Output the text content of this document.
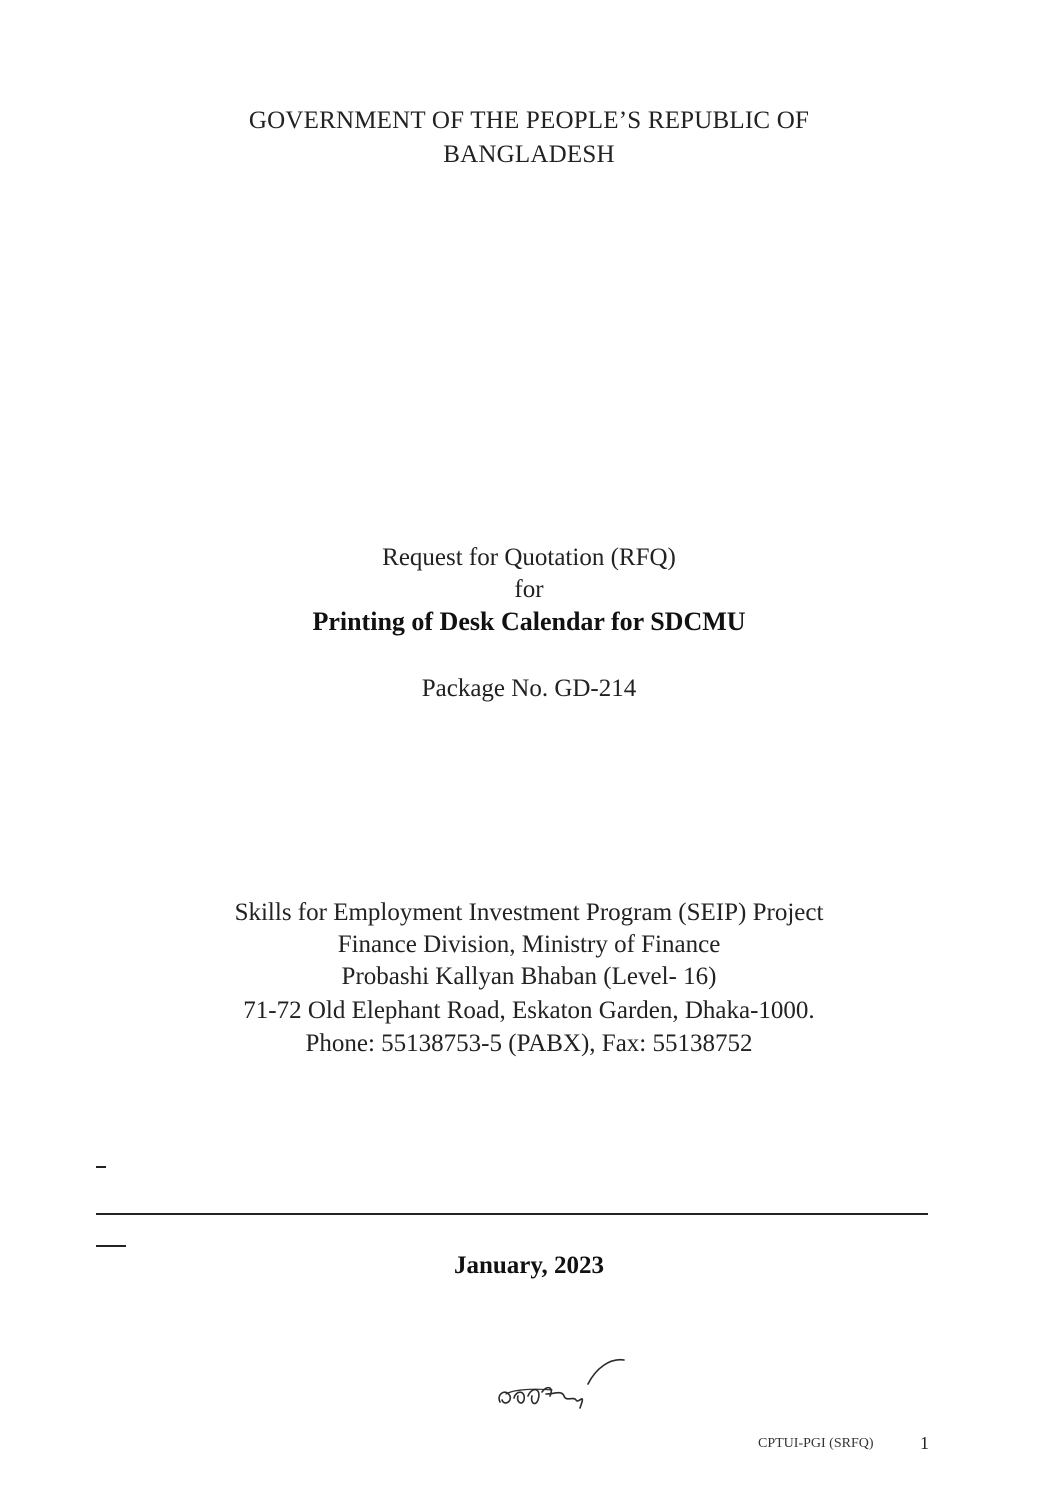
GOVERNMENT OF THE PEOPLE’S REPUBLIC OF
BANGLADESH
Request for Quotation (RFQ)
for
Printing of Desk Calendar for SDCMU
Package No. GD-214
Skills for Employment Investment Program (SEIP) Project
Finance Division, Ministry of Finance
Probashi Kallyan Bhaban (Level- 16)
71-72 Old Elephant Road, Eskaton Garden, Dhaka-1000.
Phone: 55138753-5 (PABX), Fax: 55138752
January, 2023
CPTUI-PGI (SRFQ)	1
